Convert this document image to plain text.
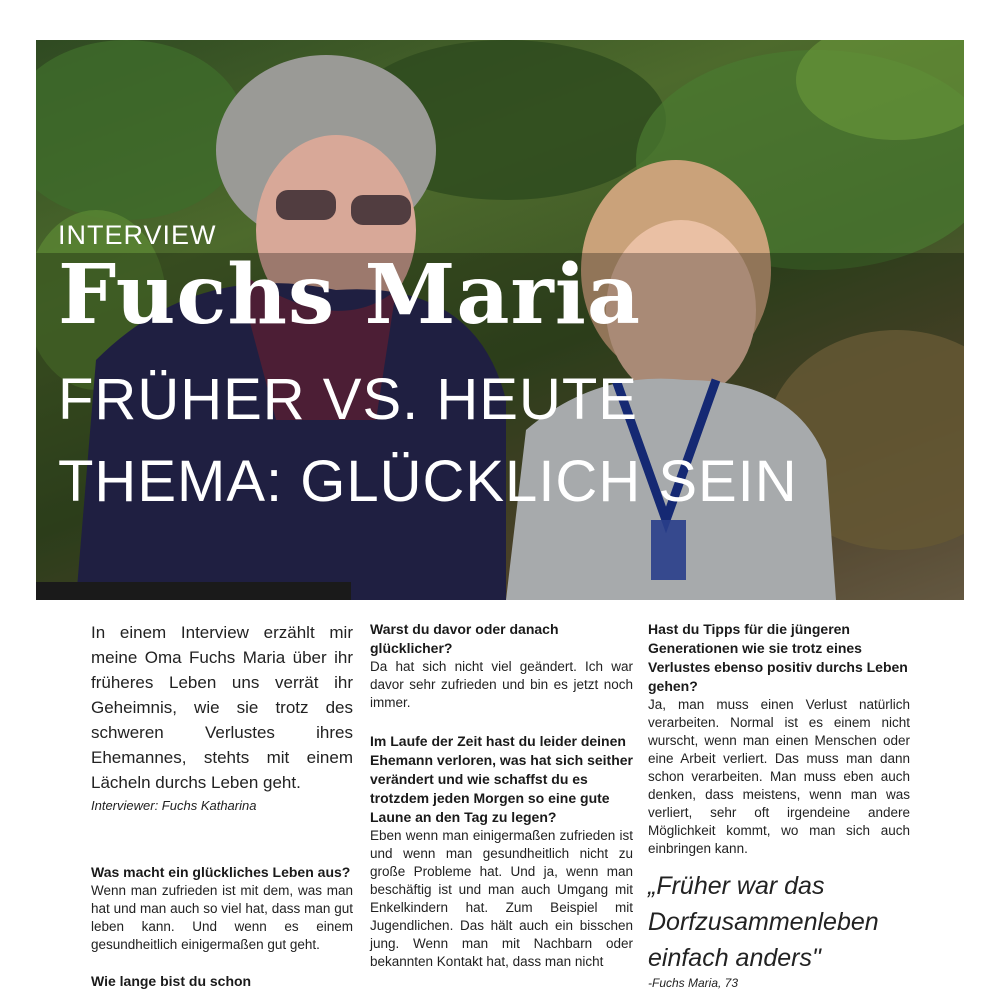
INTERVIEW
Fuchs Maria
FRÜHER VS. HEUTE
THEMA: GLÜCKLICH SEIN

In einem Interview erzählt mir meine Oma Fuchs Maria über ihr früheres Leben uns verrät ihr Geheimnis, wie sie trotz des schweren Verlustes ihres Ehemannes, stehts mit einem Lächeln durchs Leben geht.

Interviewer: Fuchs Katharina

Was macht ein glückliches Leben aus?

Wenn man zufrieden ist mit dem, was man hat und man auch so viel hat, dass man gut leben kann. Und wenn es einem gesundheitlich einigermaßen gut geht.

Wie lange bist du schon

Warst du davor oder danach glücklicher?

Da hat sich nicht viel geändert. Ich war davor sehr zufrieden und bin es jetzt noch immer.

Im Laufe der Zeit hast du leider deinen Ehemann verloren, was hat sich seither verändert und wie schaffst du es trotzdem jeden Morgen so eine gute Laune an den Tag zu legen?

Eben wenn man einigermaßen zufrieden ist und wenn man gesundheitlich nicht zu große Probleme hat. Und ja, wenn man beschäftig ist und man auch Umgang mit Enkelkindern hat. Zum Beispiel mit Jugendlichen. Das hält auch ein bisschen jung. Wenn man mit Nachbarn oder bekannten Kontakt hat, dass man nicht

Hast du Tipps für die jüngeren Generationen wie sie trotz eines Verlustes ebenso positiv durchs Leben gehen?

Ja, man muss einen Verlust natürlich verarbeiten. Normal ist es einem nicht wurscht, wenn man einen Menschen oder eine Arbeit verliert. Das muss man dann schon verarbeiten. Man muss eben auch denken, dass meistens, wenn man was verliert, sehr oft irgendeine andere Möglichkeit kommt, wo man sich auch einbringen kann.

„Früher war das Dorfzusammenleben einfach anders"

-Fuchs Maria, 73
